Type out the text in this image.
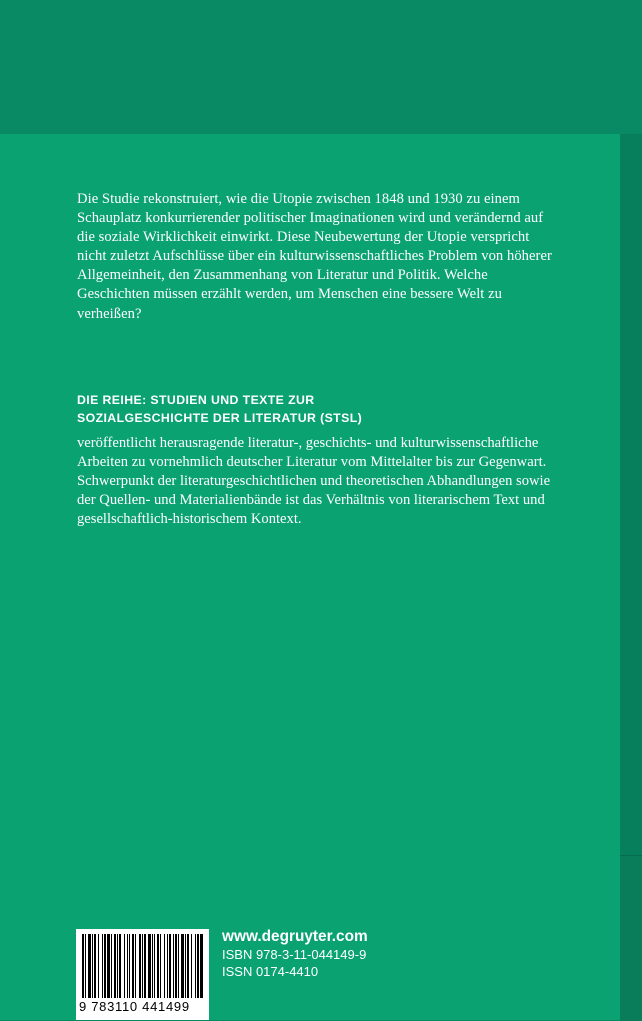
Die Studie rekonstruiert, wie die Utopie zwischen 1848 und 1930 zu einem Schauplatz konkurrierender politischer Imaginationen wird und verändernd auf die soziale Wirklichkeit einwirkt. Diese Neubewertung der Utopie verspricht nicht zuletzt Aufschlüsse über ein kulturwissenschaftliches Problem von höherer Allgemeinheit, den Zusammenhang von Literatur und Politik. Welche Geschichten müssen erzählt werden, um Menschen eine bessere Welt zu verheißen?

DIE REIHE: STUDIEN UND TEXTE ZUR
SOZIALGESCHICHTE DER LITERATUR (STSL)

veröffentlicht herausragende literatur-, geschichts- und kulturwissenschaftliche Arbeiten zu vornehmlich deutscher Literatur vom Mittelalter bis zur Gegenwart. Schwerpunkt der literaturgeschichtlichen und theoretischen Abhandlungen sowie der Quellen- und Materialienbände ist das Verhältnis von literarischem Text und gesellschaftlich-historischem Kontext.

9 783110 441499
www.degruyter.com
ISBN 978-3-11-044149-9
ISSN 0174-4410
